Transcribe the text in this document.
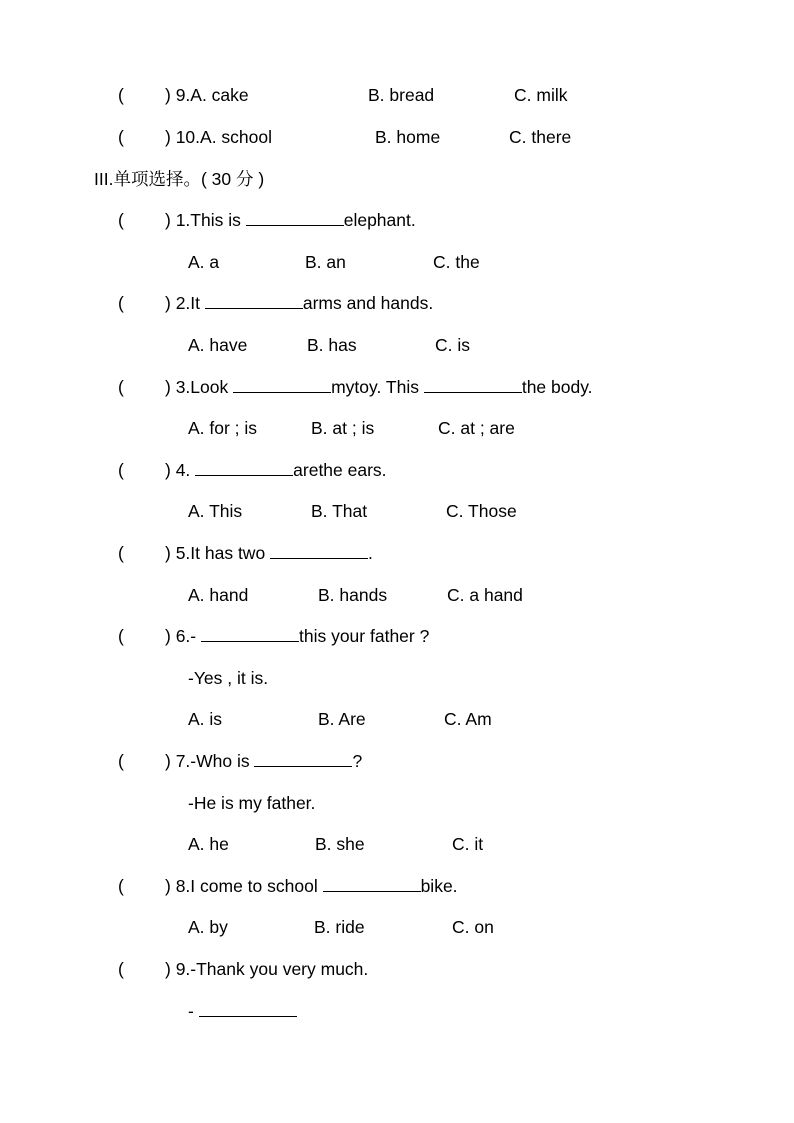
( ) 9.A. cake	B. bread	C. milk
( ) 10.A. school	B. home	C. there
III.单项选择。( 30 分 )
( ) 1.This is	elephant.
A. a	B. an	C. the
( ) 2.It	arms and hands.
A. have	B. has	C. is
( ) 3.Look	mytoy. This	the body.
A. for ; is	B. at ; is	C. at ; are
( ) 4.	arethe ears.
A. This	B. That	C. Those
( ) 5.It has two	.
A. hand	B. hands	C. a hand
( ) 6.-	this your father ?
-Yes , it is.
A. is	B. Are	C. Am
( ) 7.-Who is	?
-He is my father.
A. he	B. she	C. it
( ) 8.I come to school	bike.
A. by	B. ride	C. on
( ) 9.-Thank you very much.
-
